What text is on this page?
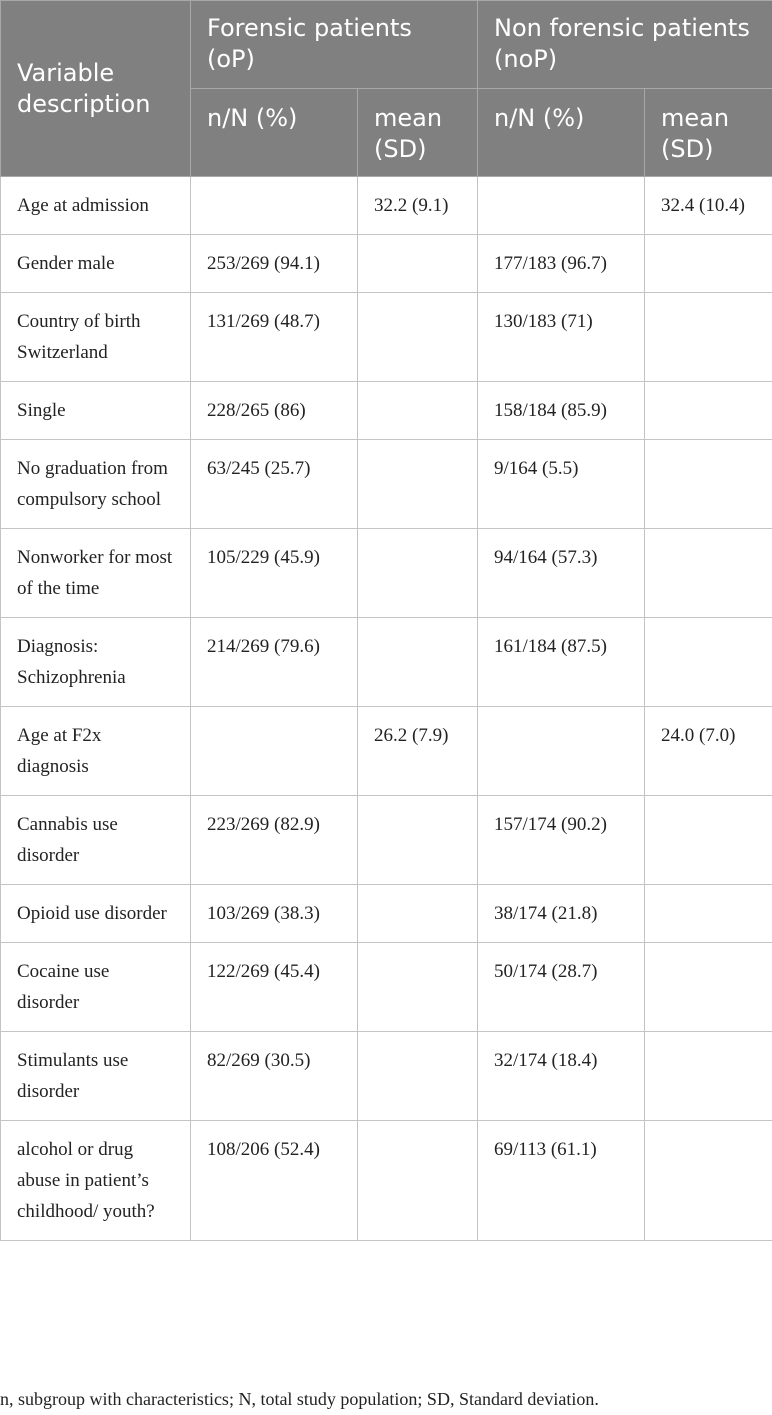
Variable description	Forensic patients (oP)		Non forensic patients (noP)	
	n/N (%)	mean (SD)	n/N (%)	mean (SD)
Age at admission		32.2 (9.1)		32.4 (10.4)
Gender male	253/269 (94.1)		177/183 (96.7)	
Country of birth Switzerland	131/269 (48.7)		130/183 (71)	
Single	228/265 (86)		158/184 (85.9)	
No graduation from compulsory school	63/245 (25.7)		9/164 (5.5)	
Nonworker for most of the time	105/229 (45.9)		94/164 (57.3)	
Diagnosis: Schizophrenia	214/269 (79.6)		161/184 (87.5)	
Age at F2x diagnosis		26.2 (7.9)		24.0 (7.0)
Cannabis use disorder	223/269 (82.9)		157/174 (90.2)	
Opioid use disorder	103/269 (38.3)		38/174 (21.8)	
Cocaine use disorder	122/269 (45.4)		50/174 (28.7)	
Stimulants use disorder	82/269 (30.5)		32/174 (18.4)	
alcohol or drug abuse in patient’s childhood/ youth?	108/206 (52.4)		69/113 (61.1)	
n, subgroup with characteristics; N, total study population; SD, Standard deviation.
